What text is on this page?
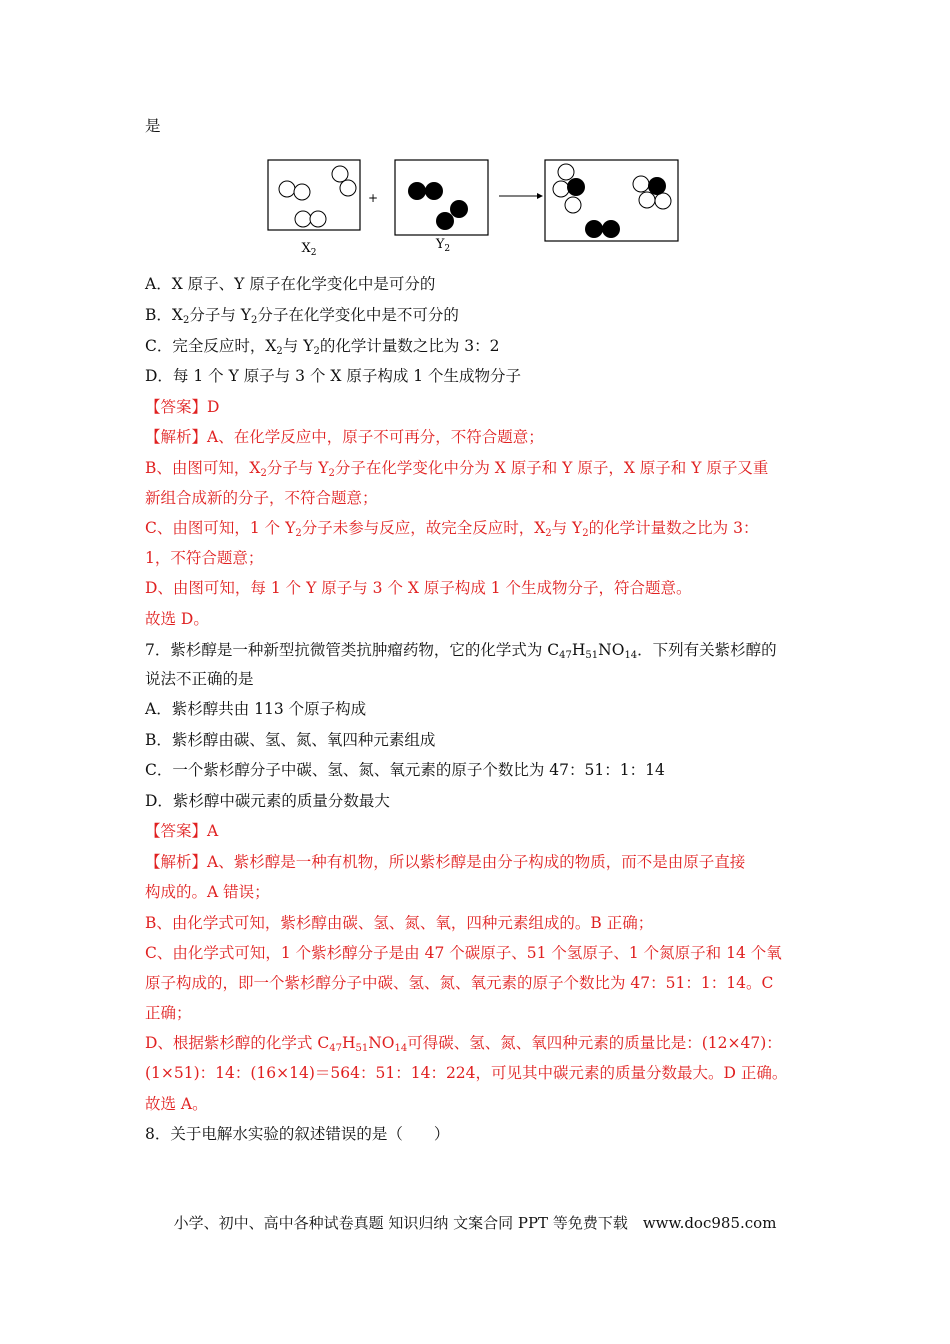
是
+
$X_2$
$Y_2$
A．X 原子、Y 原子在化学变化中是可分的
B．$X_2$分子与 $Y_2$分子在化学变化中是不可分的
C．完全反应时，$X_2$与 $Y_2$的化学计量数之比为 3：2
D．每 1 个 Y 原子与 3 个 X 原子构成 1 个生成物分子
【答案】D
【解析】A、在化学反应中，原子不可再分，不符合题意；
B、由图可知，$X_2$分子与 $Y_2$分子在化学变化中分为 X 原子和 Y 原子，X 原子和 Y 原子又重
新组合成新的分子，不符合题意；
C、由图可知，1 个 $Y_2$分子未参与反应，故完全反应时，$X_2$与 $Y_2$的化学计量数之比为 3：
1，不符合题意；
D、由图可知，每 1 个 Y 原子与 3 个 X 原子构成 1 个生成物分子，符合题意。
故选 D。
7．紫杉醇是一种新型抗微管类抗肿瘤药物，它的化学式为 $C_{47}H_{51}NO_{14}$．下列有关紫杉醇的
说法不正确的是
A．紫杉醇共由 113 个原子构成
B．紫杉醇由碳、氢、氮、氧四种元素组成
C．一个紫杉醇分子中碳、氢、氮、氧元素的原子个数比为 47：51：1：14
D．紫杉醇中碳元素的质量分数最大
【答案】A
【解析】A、紫杉醇是一种有机物，所以紫杉醇是由分子构成的物质，而不是由原子直接
构成的。A 错误；
B、由化学式可知，紫杉醇由碳、氢、氮、氧，四种元素组成的。B 正确；
C、由化学式可知，1 个紫杉醇分子是由 47 个碳原子、51 个氢原子、1 个氮原子和 14 个氧
原子构成的，即一个紫杉醇分子中碳、氢、氮、氧元素的原子个数比为 47：51：1：14。C
正确；
D、根据紫杉醇的化学式 $C_{47}H_{51}NO_{14}$可得碳、氢、氮、氧四种元素的质量比是：(12×47)：
(1×51)：14：(16×14)＝564：51：14：224，可见其中碳元素的质量分数最大。D 正确。
故选 A。
8．关于电解水实验的叙述错误的是（　　）
小学、初中、高中各种试卷真题 知识归纳 文案合同 PPT 等免费下载　www.doc985.com
